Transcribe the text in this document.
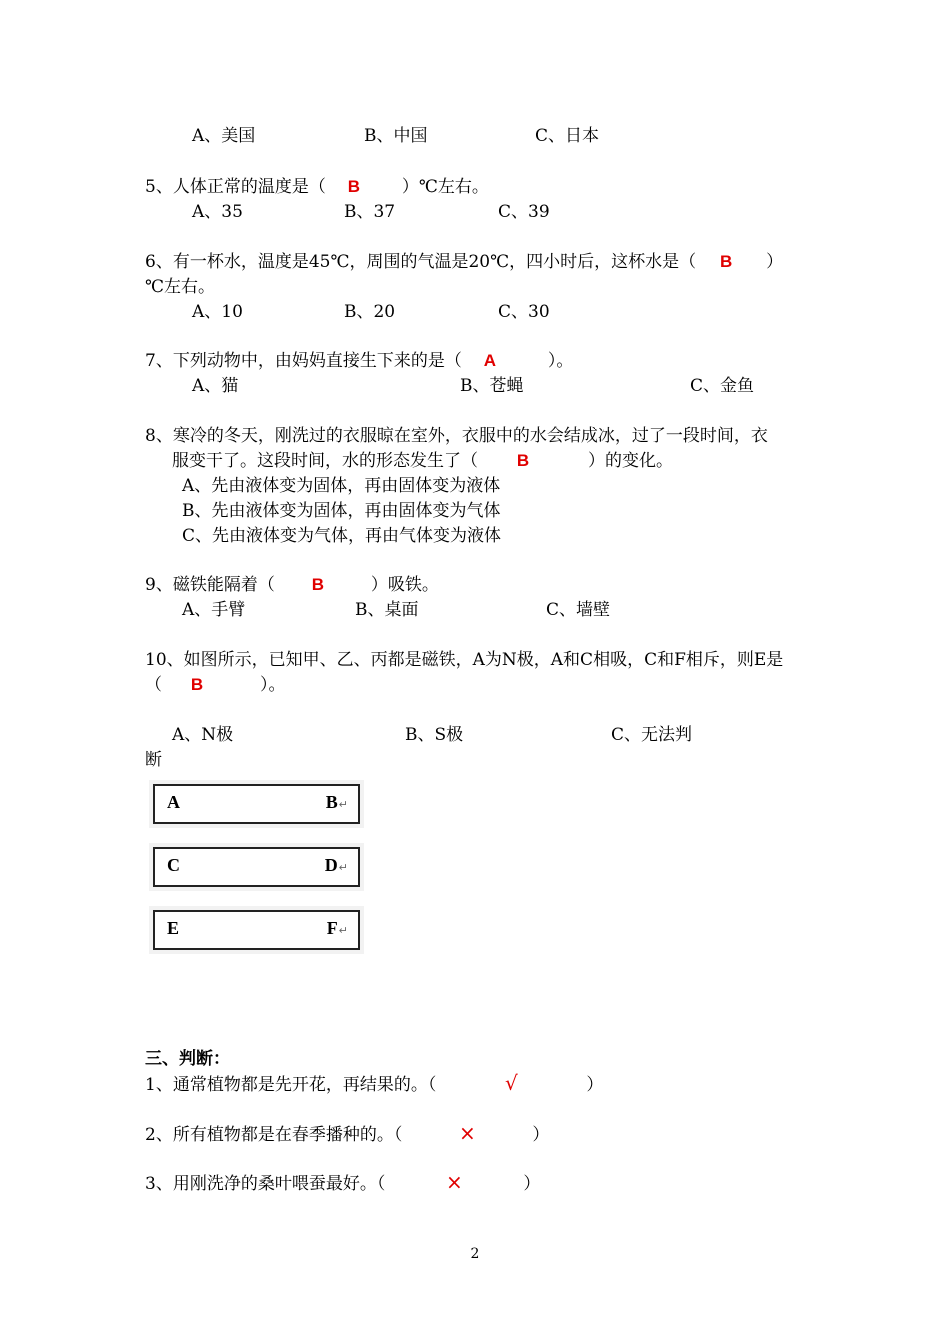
A、美国	B、中国	C、日本
5、人体正常的温度是（ B ）℃左右。
A、35	B、37	C、39
6、有一杯水，温度是45℃，周围的气温是20℃，四小时后，这杯水是（ B ）
℃左右。
A、10	B、20	C、30
7、下列动物中，由妈妈直接生下来的是（ A	）。
A、猫	B、苍蝇	C、金鱼
8、寒冷的冬天，刚洗过的衣服晾在室外，衣服中的水会结成冰，过了一段时间，衣
服变干了。这段时间，水的形态发生了（ B	）的变化。
A、先由液体变为固体，再由固体变为液体
B、先由液体变为固体，再由固体变为气体
C、先由液体变为气体，再由气体变为液体
9、磁铁能隔着（ B	）吸铁。
A、手臂	B、桌面	C、墙壁
10、如图所示，已知甲、乙、丙都是磁铁，A为N极，A和C相吸，C和F相斥，则E是
（ B	）。
A、N极	B、S极	C、无法判
断
A	B↵
C	D↵
E	F↵
三、判断：
1、通常植物都是先开花，再结果的。（	√	）
2、所有植物都是在春季播种的。（	×	）
3、用刚洗净的桑叶喂蚕最好。（	×	）
2
